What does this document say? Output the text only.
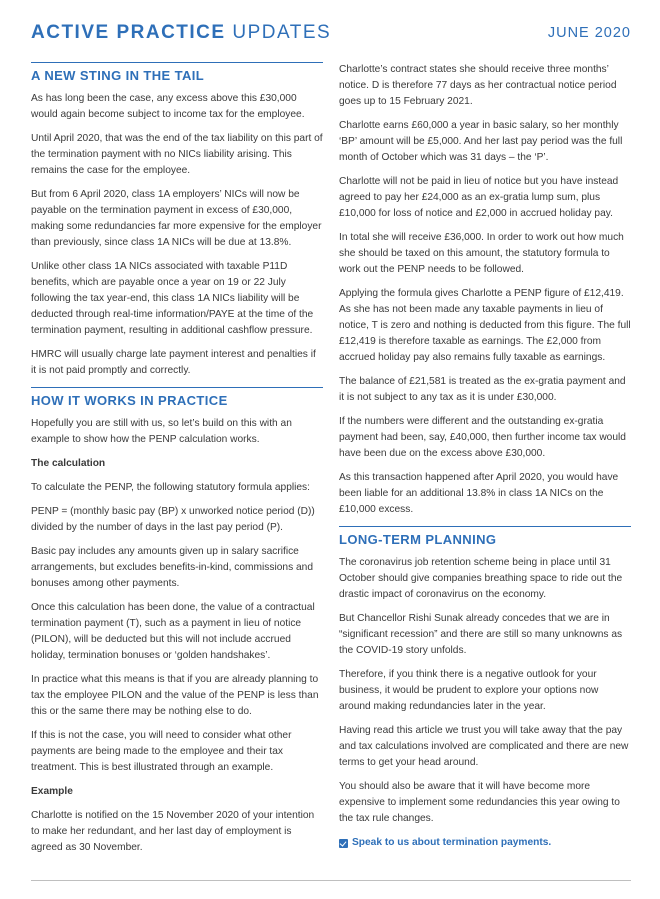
ACTIVE PRACTICE UPDATES	JUNE 2020
A NEW STING IN THE TAIL

As has long been the case, any excess above this £30,000 would again become subject to income tax for the employee.

Until April 2020, that was the end of the tax liability on this part of the termination payment with no NICs liability arising. This remains the case for the employee.

But from 6 April 2020, class 1A employers’ NICs will now be payable on the termination payment in excess of £30,000, making some redundancies far more expensive for the employer than previously, since class 1A NICs will be due at 13.8%.

Unlike other class 1A NICs associated with taxable P11D benefits, which are payable once a year on 19 or 22 July following the tax year-end, this class 1A NICs liability will be deducted through real-time information/PAYE at the time of the termination payment, resulting in additional cashflow pressure.

HMRC will usually charge late payment interest and penalties if it is not paid promptly and correctly.

HOW IT WORKS IN PRACTICE

Hopefully you are still with us, so let’s build on this with an example to show how the PENP calculation works.

The calculation

To calculate the PENP, the following statutory formula applies:

PENP = (monthly basic pay (BP) x unworked notice period (D)) divided by the number of days in the last pay period (P).

Basic pay includes any amounts given up in salary sacrifice arrangements, but excludes benefits-in-kind, commissions and bonuses among other payments.

Once this calculation has been done, the value of a contractual termination payment (T), such as a payment in lieu of notice (PILON), will be deducted but this will not include accrued holiday, termination bonuses or ‘golden handshakes’.

In practice what this means is that if you are already planning to tax the employee PILON and the value of the PENP is less than this or the same there may be nothing else to do.

If this is not the case, you will need to consider what other payments are being made to the employee and their tax treatment. This is best illustrated through an example.

Example

Charlotte is notified on the 15 November 2020 of your intention to make her redundant, and her last day of employment is agreed as 30 November.

Charlotte’s contract states she should receive three months’ notice. D is therefore 77 days as her contractual notice period goes up to 15 February 2021.

Charlotte earns £60,000 a year in basic salary, so her monthly ‘BP’ amount will be £5,000. And her last pay period was the full month of October which was 31 days – the ‘P’.

Charlotte will not be paid in lieu of notice but you have instead agreed to pay her £24,000 as an ex-gratia lump sum, plus £10,000 for loss of notice and £2,000 in accrued holiday pay.

In total she will receive £36,000. In order to work out how much she should be taxed on this amount, the statutory formula to work out the PENP needs to be followed.

Applying the formula gives Charlotte a PENP figure of £12,419. As she has not been made any taxable payments in lieu of notice, T is zero and nothing is deducted from this figure. The full £12,419 is therefore taxable as earnings. The £2,000 from accrued holiday pay also remains fully taxable as earnings.

The balance of £21,581 is treated as the ex-gratia payment and it is not subject to any tax as it is under £30,000.

If the numbers were different and the outstanding ex-gratia payment had been, say, £40,000, then further income tax would have been due on the excess above £30,000.

As this transaction happened after April 2020, you would have been liable for an additional 13.8% in class 1A NICs on the £10,000 excess.

LONG-TERM PLANNING

The coronavirus job retention scheme being in place until 31 October should give companies breathing space to ride out the drastic impact of coronavirus on the economy.

But Chancellor Rishi Sunak already concedes that we are in “significant recession” and there are still so many unknowns as the COVID-19 story unfolds.

Therefore, if you think there is a negative outlook for your business, it would be prudent to explore your options now around making redundancies later in the year.

Having read this article we trust you will take away that the pay and tax calculations involved are complicated and there are new terms to get your head around.

You should also be aware that it will have become more expensive to implement some redundancies this year owing to the tax rule changes.

Speak to us about termination payments.
